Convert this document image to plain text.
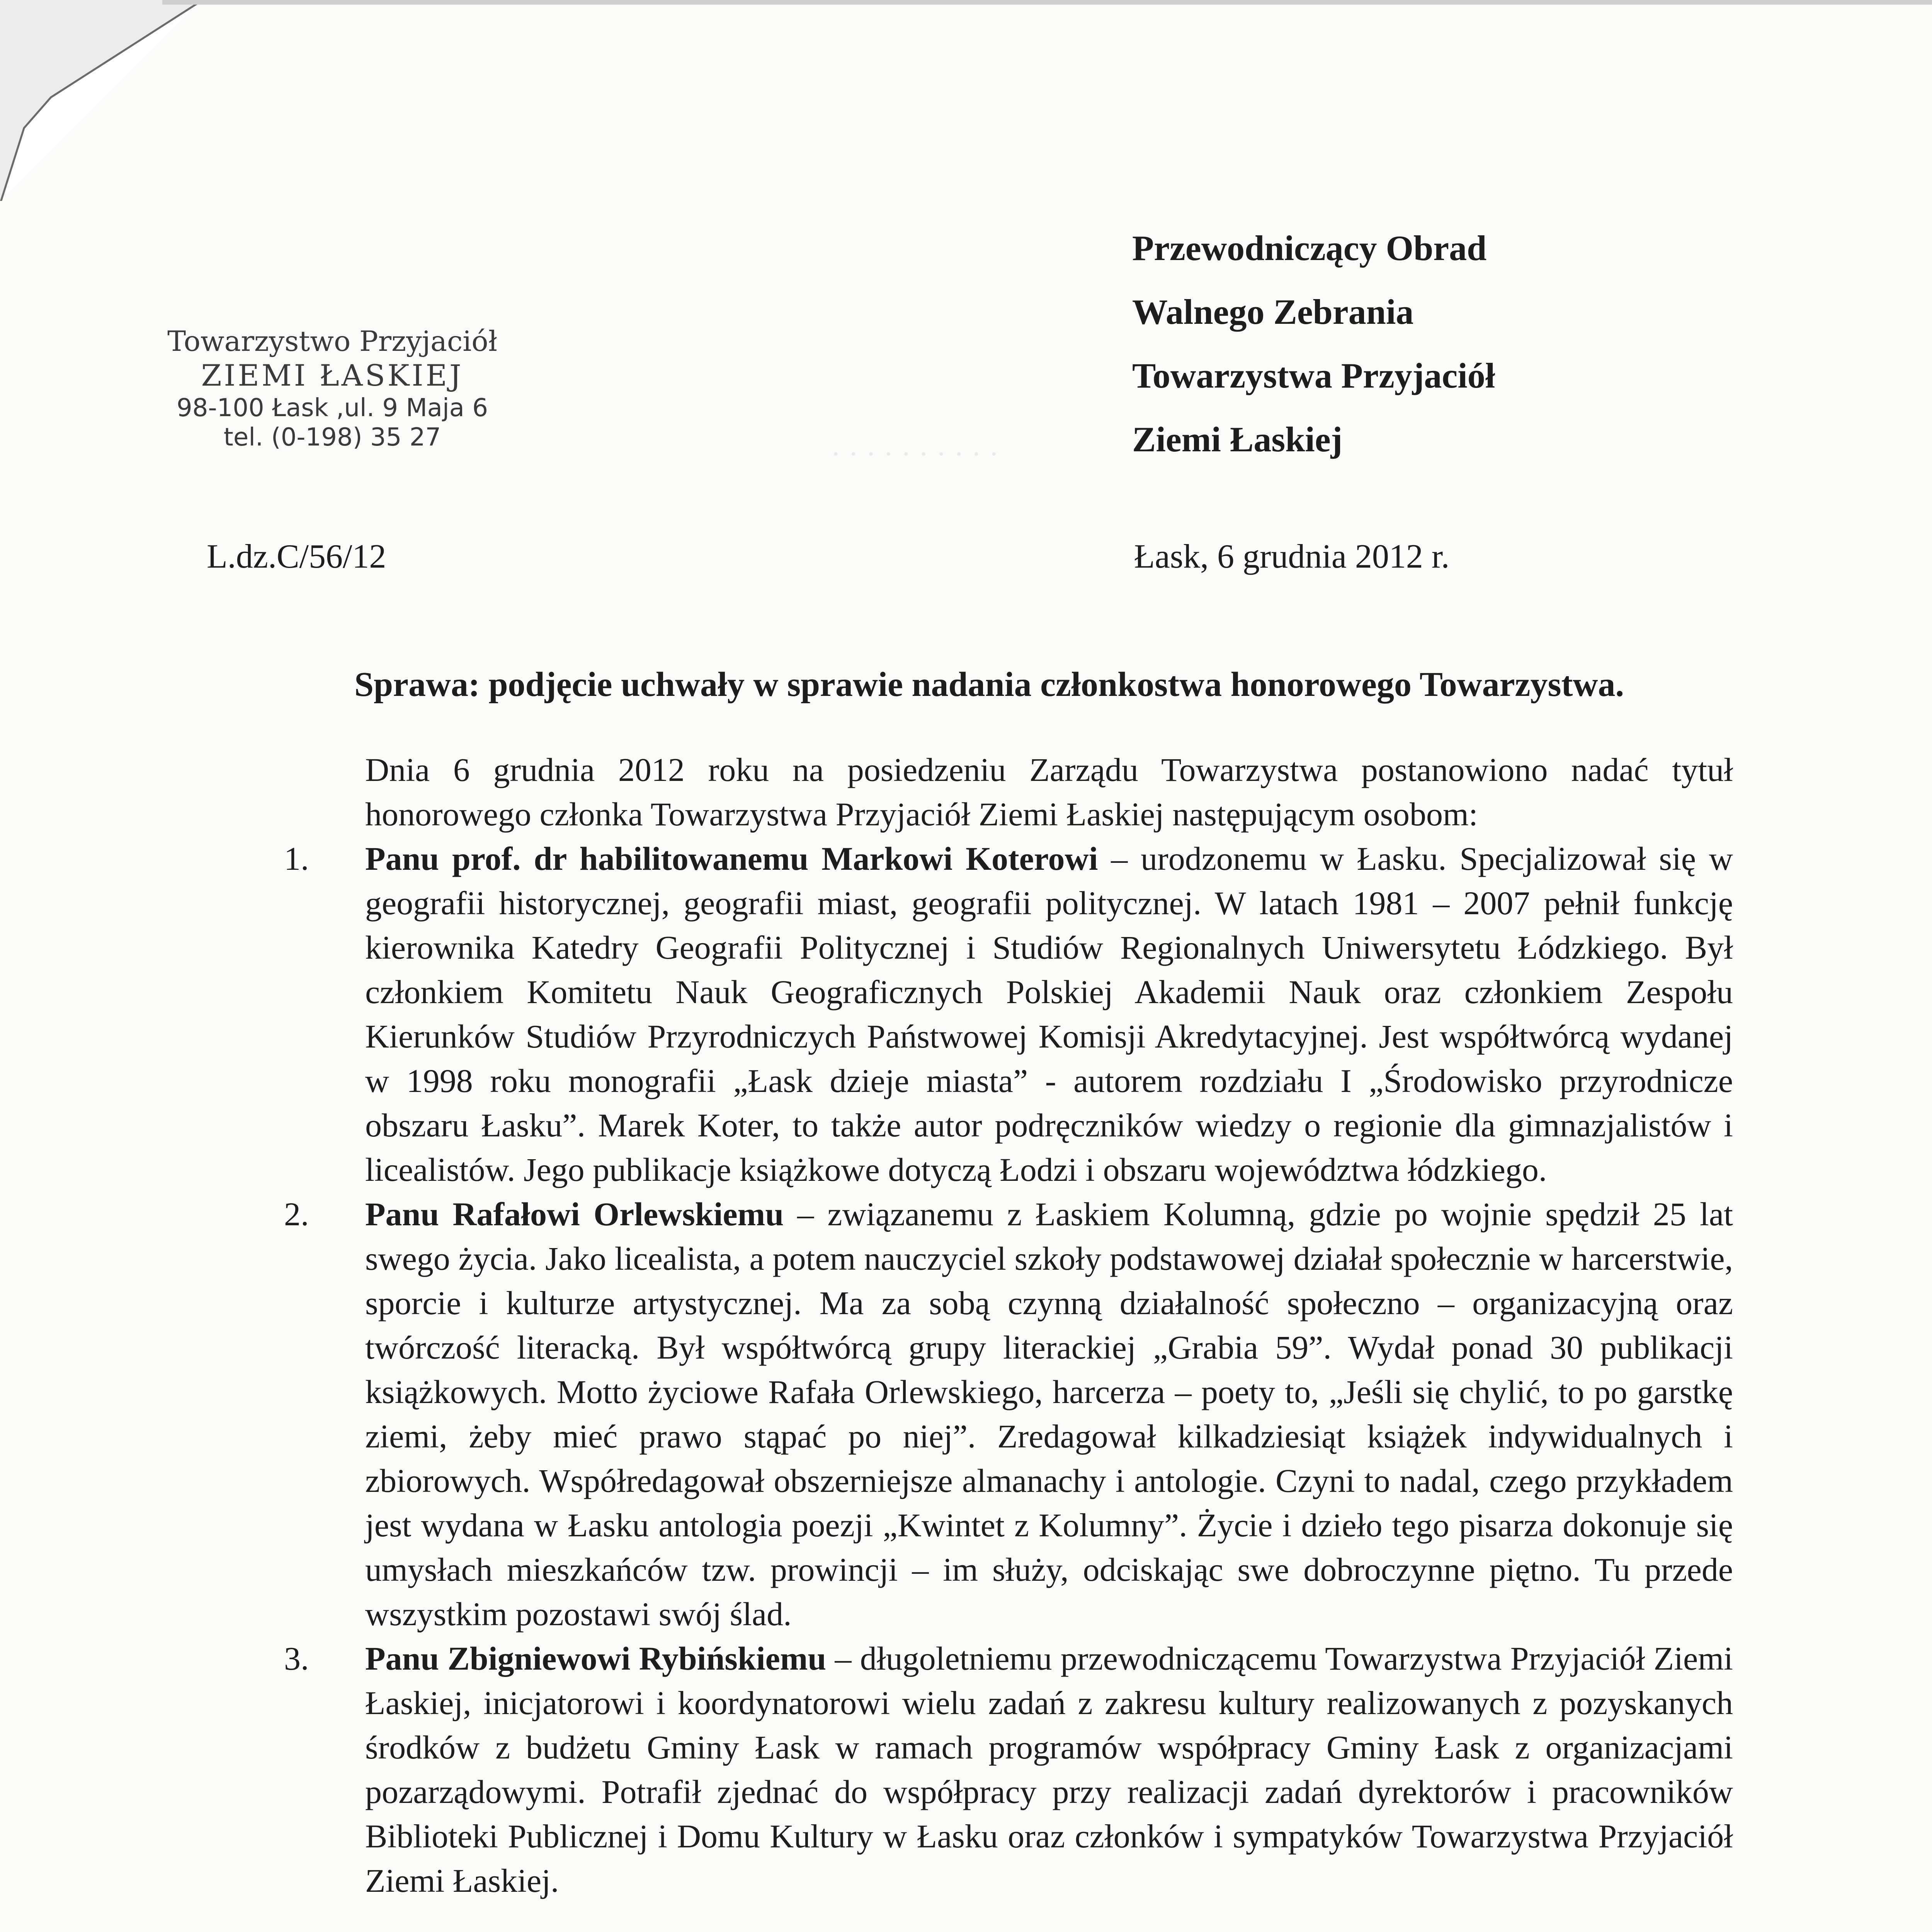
· · · · · · · · · ·
Towarzystwo Przyjaciół
ZIEMI ŁASKIEJ
98-100 Łask ,ul. 9 Maja 6
tel. (0-198) 35 27
Przewodniczący Obrad
Walnego Zebrania
Towarzystwa Przyjaciół
Ziemi Łaskiej
L.dz.C/56/12	Łask, 6 grudnia 2012 r.
Sprawa: podjęcie uchwały w sprawie nadania członkostwa honorowego Towarzystwa.

Dnia 6 grudnia 2012 roku na posiedzeniu Zarządu Towarzystwa postanowiono nadać tytuł honorowego członka Towarzystwa Przyjaciół Ziemi Łaskiej następującym osobom:

1. Panu prof. dr habilitowanemu Markowi Koterowi – urodzonemu w Łasku. Specjalizował się w geografii historycznej, geografii miast, geografii politycznej. W latach 1981 – 2007 pełnił funkcję kierownika Katedry Geografii Politycznej i Studiów Regionalnych Uniwersytetu Łódzkiego. Był członkiem Komitetu Nauk Geograficznych Polskiej Akademii Nauk oraz członkiem Zespołu Kierunków Studiów Przyrodniczych Państwowej Komisji Akredytacyjnej. Jest współtwórcą wydanej w 1998 roku monografii „Łask dzieje miasta” - autorem rozdziału I „Środowisko przyrodnicze obszaru Łasku”. Marek Koter, to także autor podręczników wiedzy o regionie dla gimnazjalistów i licealistów. Jego publikacje książkowe dotyczą Łodzi i obszaru województwa łódzkiego.
2. Panu Rafałowi Orlewskiemu – związanemu z Łaskiem Kolumną, gdzie po wojnie spędził 25 lat swego życia. Jako licealista, a potem nauczyciel szkoły podstawowej działał społecznie w harcerstwie, sporcie i kulturze artystycznej. Ma za sobą czynną działalność społeczno – organizacyjną oraz twórczość literacką. Był współtwórcą grupy literackiej „Grabia 59”. Wydał ponad 30 publikacji książkowych. Motto życiowe Rafała Orlewskiego, harcerza – poety to, „Jeśli się chylić, to po garstkę ziemi, żeby mieć prawo stąpać po niej”. Zredagował kilkadziesiąt książek indywidualnych i zbiorowych. Współredagował obszerniejsze almanachy i antologie. Czyni to nadal, czego przykładem jest wydana w Łasku antologia poezji „Kwintet z Kolumny”. Życie i dzieło tego pisarza dokonuje się umysłach mieszkańców tzw. prowincji – im służy, odciskając swe dobroczynne piętno. Tu przede wszystkim pozostawi swój ślad.
3. Panu Zbigniewowi Rybińskiemu – długoletniemu przewodniczącemu Towarzystwa Przyjaciół Ziemi Łaskiej, inicjatorowi i koordynatorowi wielu zadań z zakresu kultury realizowanych z pozyskanych środków z budżetu Gminy Łask w ramach programów współpracy Gminy Łask z organizacjami pozarządowymi. Potrafił zjednać do współpracy przy realizacji zadań dyrektorów i pracowników Biblioteki Publicznej i Domu Kultury w Łasku oraz członków i sympatyków Towarzystwa Przyjaciół Ziemi Łaskiej.
